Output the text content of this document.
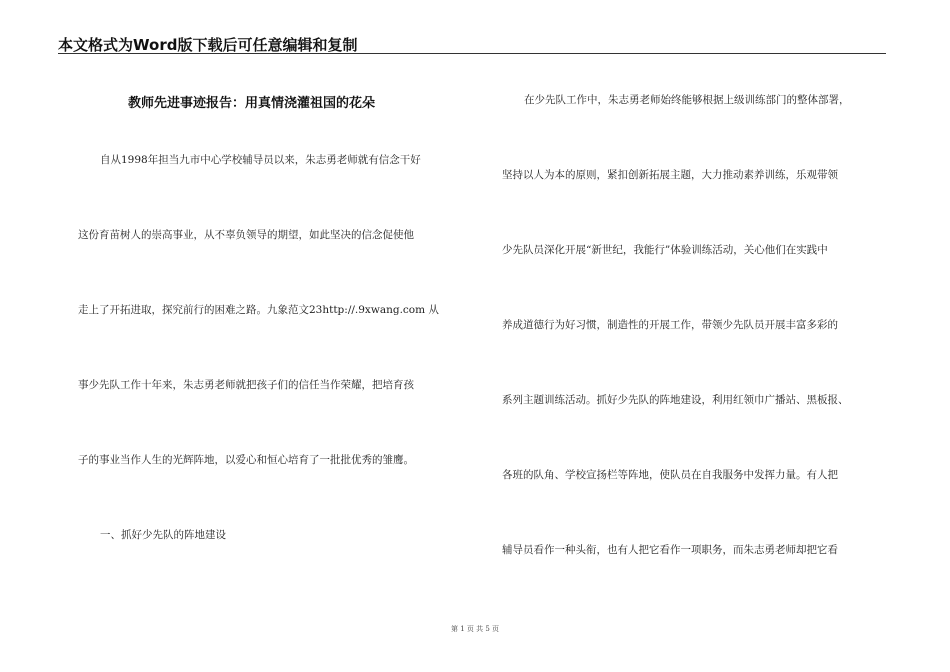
本文格式为Word版下载后可任意编辑和复制
教师先进事迹报告：用真情浇灌祖国的花朵
自从1998年担当九市中心学校辅导员以来，朱志勇老师就有信念干好
这份育苗树人的崇高事业，从不辜负领导的期望，如此坚决的信念促使他
走上了开拓进取，探究前行的困难之路。九象范文23http://.9xwang.com 从
事少先队工作十年来，朱志勇老师就把孩子们的信任当作荣耀，把培育孩
子的事业当作人生的光辉阵地，以爱心和恒心培育了一批批优秀的雏鹰。
一、抓好少先队的阵地建设
在少先队工作中，朱志勇老师始终能够根据上级训练部门的整体部署，
坚持以人为本的原则，紧扣创新拓展主题，大力推动素养训练，乐观带领
少先队员深化开展“新世纪，我能行”体验训练活动，关心他们在实践中
养成道德行为好习惯，制造性的开展工作，带领少先队员开展丰富多彩的
系列主题训练活动。抓好少先队的阵地建设，利用红领巾广播站、黑板报、
各班的队角、学校宣扬栏等阵地，使队员在自我服务中发挥力量。有人把
辅导员看作一种头衔，也有人把它看作一项职务，而朱志勇老师却把它看
第 1 页 共 5 页
